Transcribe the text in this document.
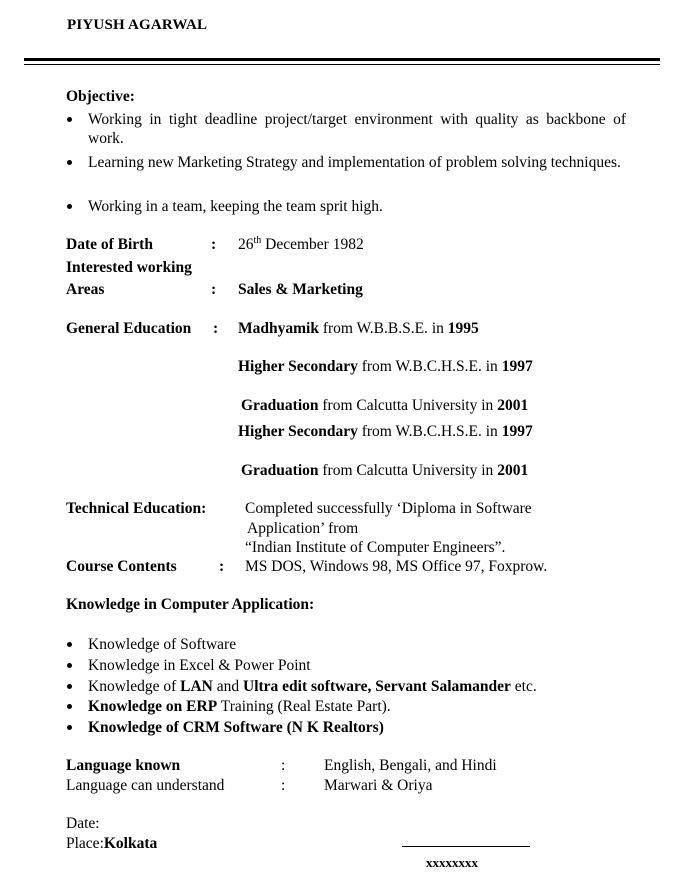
PIYUSH AGARWAL
Objective:
Working in tight deadline project/target environment with quality as backbone of work.
Learning new Marketing Strategy and implementation of problem solving techniques.
Working in a team, keeping the team sprit high.
Date of Birth	: 26th December 1982
Interested working
Areas	: Sales & Marketing
General Education : Madhyamik from W.B.B.S.E. in 1995
Higher Secondary from W.B.C.H.S.E. in 1997
Graduation from Calcutta University in 2001
Higher Secondary from W.B.C.H.S.E. in 1997
Graduation from Calcutta University in 2001
Technical Education:	Completed successfully ‘Diploma in Software
Application’ from
“Indian Institute of Computer Engineers”.
Course Contents	: MS DOS, Windows 98, MS Office 97, Foxprow.
Knowledge in Computer Application:
Knowledge of Software
Knowledge in Excel & Power Point
Knowledge of LAN and Ultra edit software, Servant Salamander etc.
Knowledge on ERP Training (Real Estate Part).
Knowledge of CRM Software (N K Realtors)
Language known	: English, Bengali, and Hindi
Language can understand	: Marwari & Oriya
Date:
Place:Kolkata
xxxxxxxx
